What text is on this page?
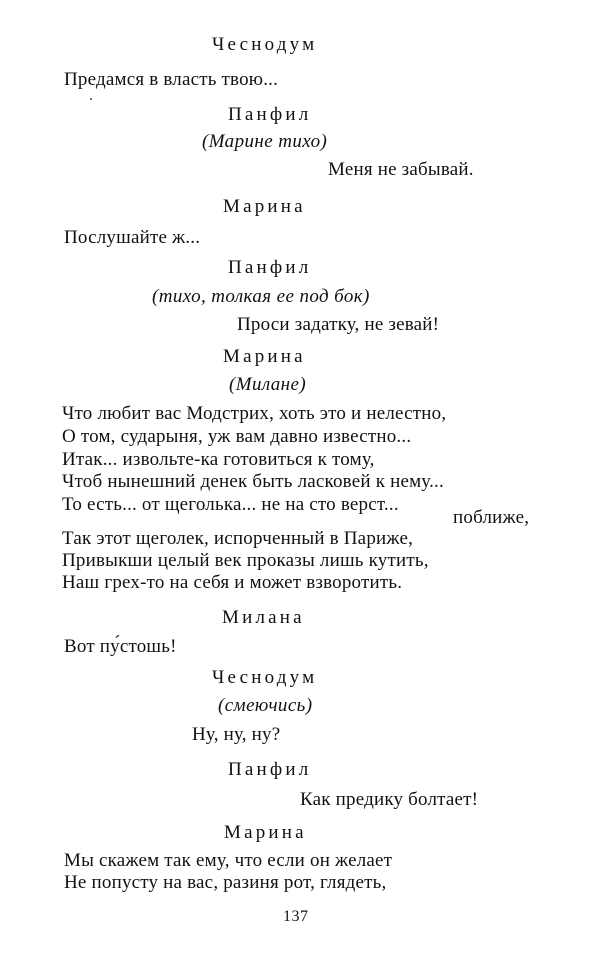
Чеснодум
Предамся в власть твою...
Панфил
(Марине тихо)
Меня не забывай.
Марина
Послушайте ж...
Панфил
(тихо, толкая ее под бок)
Проси задатку, не зевай!
Марина
(Милане)
Что любит вас Модстрих, хоть это и нелестно,
О том, сударыня, уж вам давно известно...
Итак... извольте-ка готовиться к тому,
Чтоб нынешний денек быть ласковей к нему...
То есть... от щеголька... не на сто верст...
поближе,
Так этот щеголек, испорченный в Париже,
Привыкши целый век проказы лишь кутить,
Наш грех-то на себя и может взворотить.
Милана
Вот пу́стошь!
Чеснодум
(смеючись)
Ну, ну, ну?
Панфил
Как предику болтает!
Марина
Мы скажем так ему, что если он желает
Не попусту на вас, разиня рот, глядеть,
137
